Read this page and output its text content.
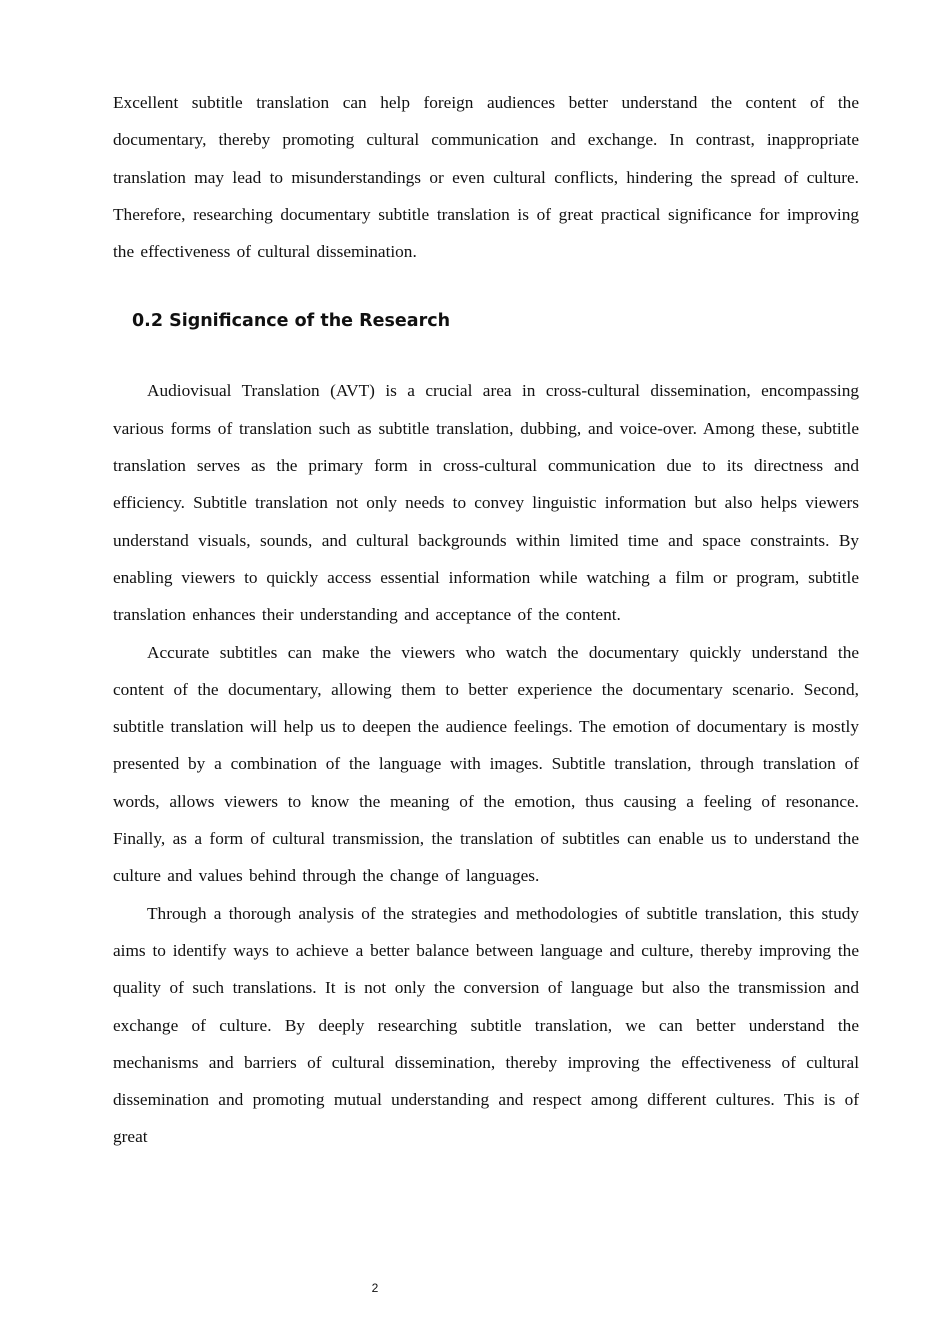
Excellent subtitle translation can help foreign audiences better understand the content of the documentary, thereby promoting cultural communication and exchange. In contrast, inappropriate translation may lead to misunderstandings or even cultural conflicts, hindering the spread of culture. Therefore, researching documentary subtitle translation is of great practical significance for improving the effectiveness of cultural dissemination.

0.2 Significance of the Research

Audiovisual Translation (AVT) is a crucial area in cross-cultural dissemination, encompassing various forms of translation such as subtitle translation, dubbing, and voice-over. Among these, subtitle translation serves as the primary form in cross-cultural communication due to its directness and efficiency. Subtitle translation not only needs to convey linguistic information but also helps viewers understand visuals, sounds, and cultural backgrounds within limited time and space constraints. By enabling viewers to quickly access essential information while watching a film or program, subtitle translation enhances their understanding and acceptance of the content.

Accurate subtitles can make the viewers who watch the documentary quickly understand the content of the documentary, allowing them to better experience the documentary scenario. Second, subtitle translation will help us to deepen the audience feelings. The emotion of documentary is mostly presented by a combination of the language with images. Subtitle translation, through translation of words, allows viewers to know the meaning of the emotion, thus causing a feeling of resonance. Finally, as a form of cultural transmission, the translation of subtitles can enable us to understand the culture and values behind through the change of languages.

Through a thorough analysis of the strategies and methodologies of subtitle translation, this study aims to identify ways to achieve a better balance between language and culture, thereby improving the quality of such translations. It is not only the conversion of language but also the transmission and exchange of culture. By deeply researching subtitle translation, we can better understand the mechanisms and barriers of cultural dissemination, thereby improving the effectiveness of cultural dissemination and promoting mutual understanding and respect among different cultures. This is of great

2
